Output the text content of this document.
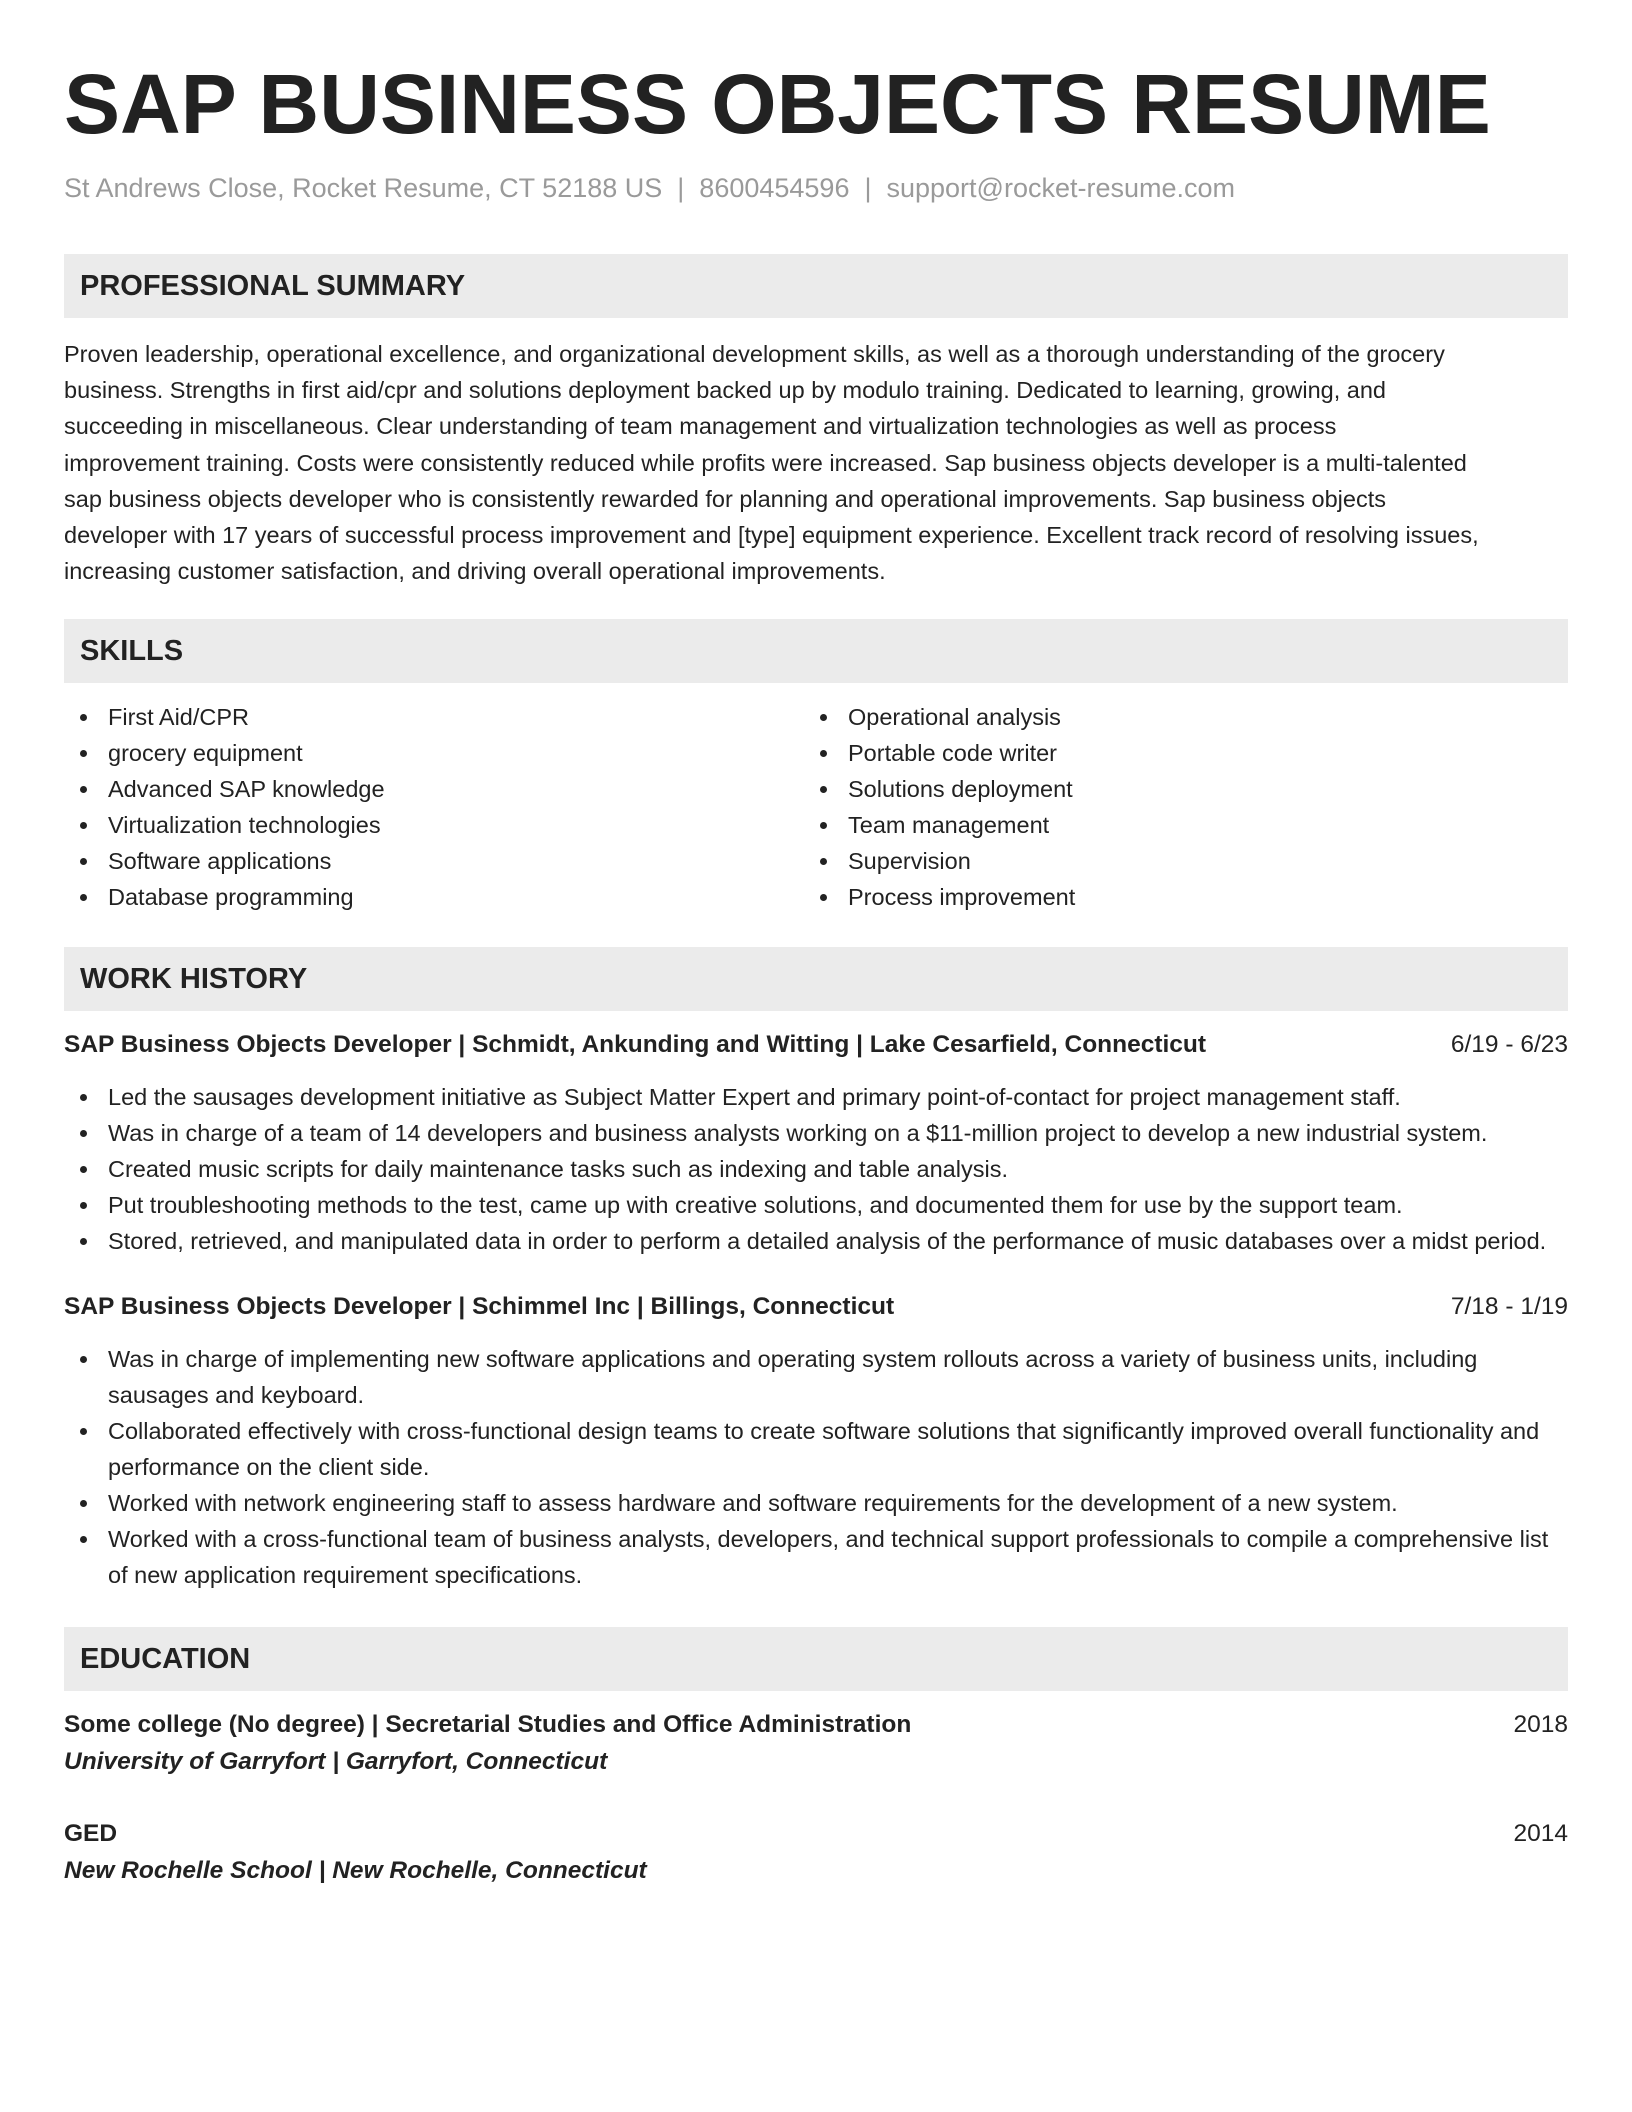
SAP BUSINESS OBJECTS RESUME
St Andrews Close, Rocket Resume, CT 52188 US | 8600454596 | support@rocket-resume.com
PROFESSIONAL SUMMARY
Proven leadership, operational excellence, and organizational development skills, as well as a thorough understanding of the grocery
business. Strengths in first aid/cpr and solutions deployment backed up by modulo training. Dedicated to learning, growing, and
succeeding in miscellaneous. Clear understanding of team management and virtualization technologies as well as process
improvement training. Costs were consistently reduced while profits were increased. Sap business objects developer is a multi-talented
sap business objects developer who is consistently rewarded for planning and operational improvements. Sap business objects
developer with 17 years of successful process improvement and [type] equipment experience. Excellent track record of resolving issues,
increasing customer satisfaction, and driving overall operational improvements.
SKILLS
First Aid/CPR
grocery equipment
Advanced SAP knowledge
Virtualization technologies
Software applications
Database programming
Operational analysis
Portable code writer
Solutions deployment
Team management
Supervision
Process improvement
WORK HISTORY
SAP Business Objects Developer | Schmidt, Ankunding and Witting | Lake Cesarfield, Connecticut	6/19 - 6/23
Led the sausages development initiative as Subject Matter Expert and primary point-of-contact for project management staff.
Was in charge of a team of 14 developers and business analysts working on a $11-million project to develop a new industrial system.
Created music scripts for daily maintenance tasks such as indexing and table analysis.
Put troubleshooting methods to the test, came up with creative solutions, and documented them for use by the support team.
Stored, retrieved, and manipulated data in order to perform a detailed analysis of the performance of music databases over a midst period.
SAP Business Objects Developer | Schimmel Inc | Billings, Connecticut	7/18 - 1/19
Was in charge of implementing new software applications and operating system rollouts across a variety of business units, including sausages and keyboard.
Collaborated effectively with cross-functional design teams to create software solutions that significantly improved overall functionality and performance on the client side.
Worked with network engineering staff to assess hardware and software requirements for the development of a new system.
Worked with a cross-functional team of business analysts, developers, and technical support professionals to compile a comprehensive list of new application requirement specifications.
EDUCATION
Some college (No degree) | Secretarial Studies and Office Administration	2018
University of Garryfort | Garryfort, Connecticut
GED	2014
New Rochelle School | New Rochelle, Connecticut
